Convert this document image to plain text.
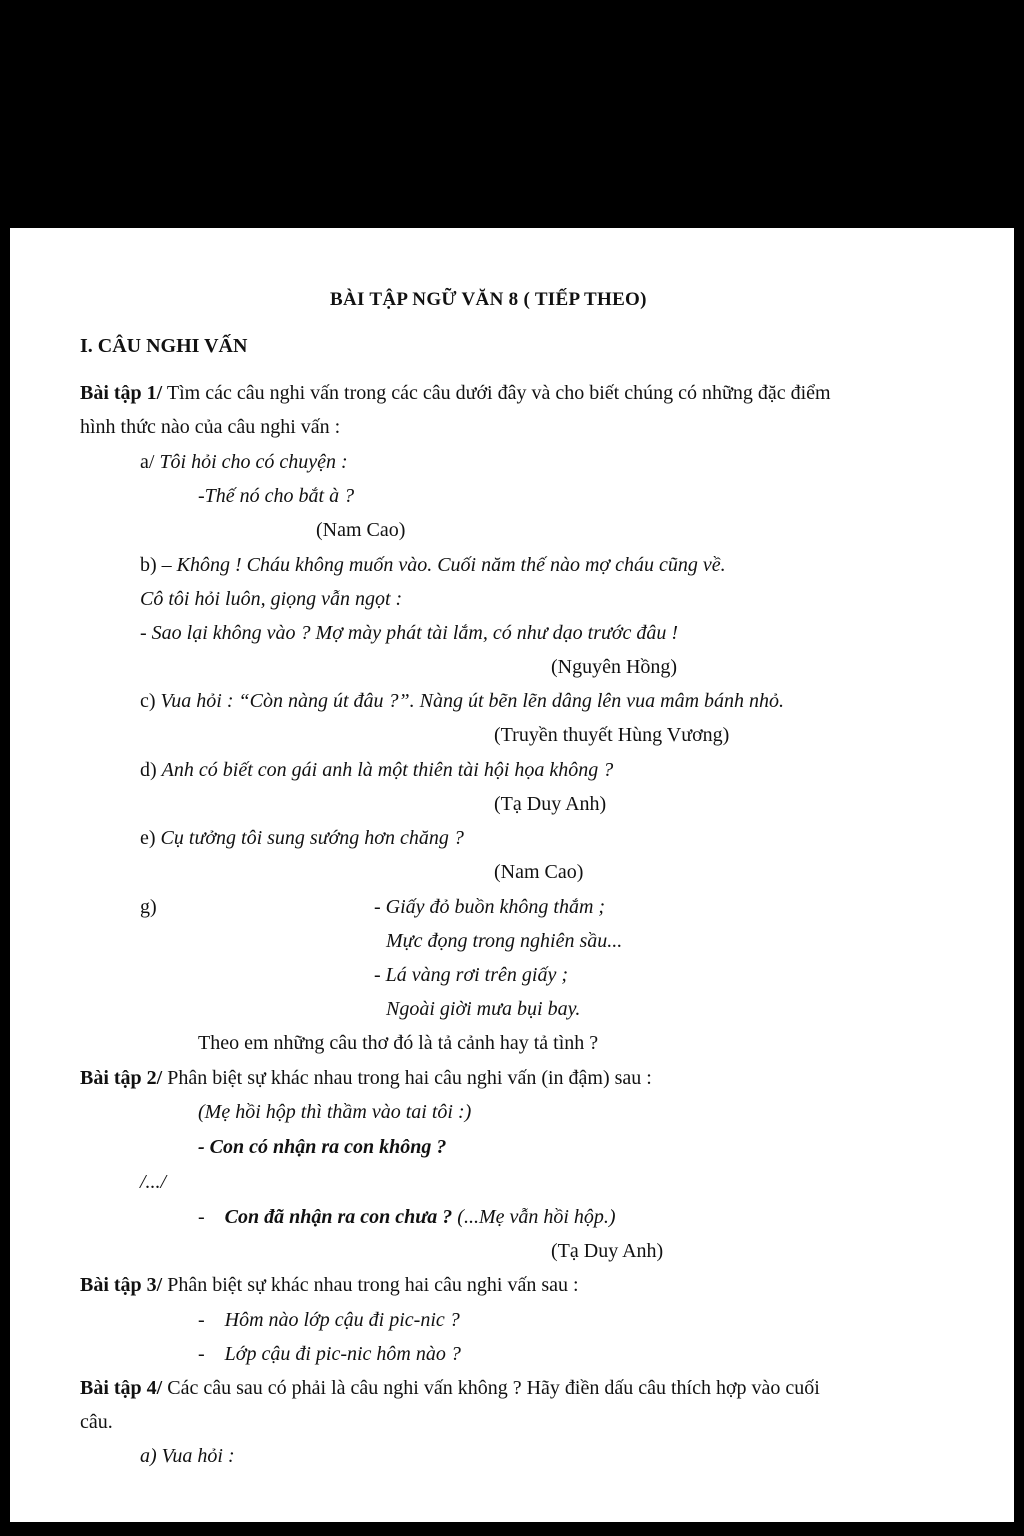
BÀI TẬP NGỮ VĂN 8 ( TIẾP THEO)
I. CÂU NGHI VẤN
Bài tập 1/ Tìm các câu nghi vấn trong các câu dưới đây và cho biết chúng có những đặc điểm
hình thức nào của câu nghi vấn :
a/ Tôi hỏi cho có chuyện :
-Thế nó cho bắt à ?
(Nam Cao)
b) – Không ! Cháu không muốn vào. Cuối năm thế nào mợ cháu cũng về.
Cô tôi hỏi luôn, giọng vẫn ngọt :
- Sao lại không vào ? Mợ mày phát tài lắm, có như dạo trước đâu !
(Nguyên Hồng)
c) Vua hỏi : “Còn nàng út đâu ?”. Nàng út bẽn lẽn dâng lên vua mâm bánh nhỏ.
(Truyền thuyết Hùng Vương)
d) Anh có biết con gái anh là một thiên tài hội họa không ?
(Tạ Duy Anh)
e) Cụ tưởng tôi sung sướng hơn chăng ?
(Nam Cao)
g)	- Giấy đỏ buồn không thắm ;
Mực đọng trong nghiên sầu...
- Lá vàng rơi trên giấy ;
Ngoài giời mưa bụi bay.
Theo em những câu thơ đó là tả cảnh hay tả tình ?
Bài tập 2/ Phân biệt sự khác nhau trong hai câu nghi vấn (in đậm) sau :
(Mẹ hồi hộp thì thầm vào tai tôi :)
- Con có nhận ra con không ?
/.../
- Con đã nhận ra con chưa ? (...Mẹ vẫn hồi hộp.)
(Tạ Duy Anh)
Bài tập 3/ Phân biệt sự khác nhau trong hai câu nghi vấn sau :
- Hôm nào lớp cậu đi pic-nic ?
- Lớp cậu đi pic-nic hôm nào ?
Bài tập 4/ Các câu sau có phải là câu nghi vấn không ? Hãy điền dấu câu thích hợp vào cuối
câu.
a) Vua hỏi :
